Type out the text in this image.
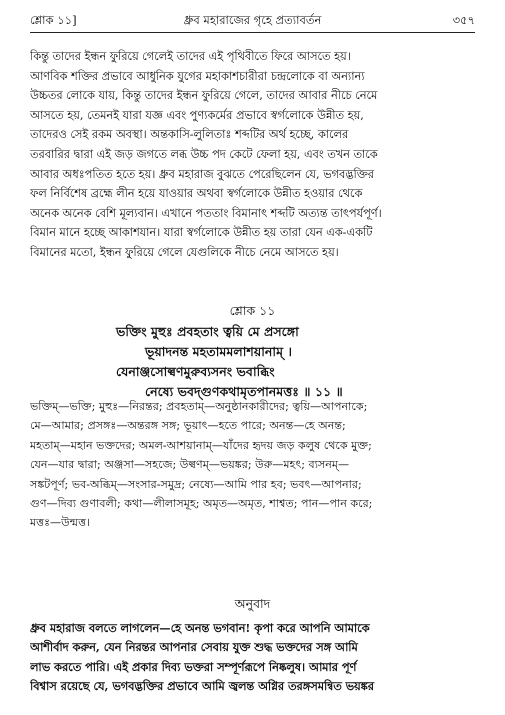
শ্লোক ১১]	ধ্রুব মহারাজের গৃহে প্রত্যাবর্তন	৩৫৭
কিন্তু তাদের ইন্ধন ফুরিয়ে গেলেই তাদের এই পৃথিবীতে ফিরে আসতে হয়।
আণবিক শক্তির প্রভাবে আধুনিক যুগের মহাকাশচারীরা চন্দ্রলোকে বা অন্যান্য
উচ্চতর লোকে যায়, কিন্তু তাদের ইন্ধন ফুরিয়ে গেলে, তাদের আবার নীচে নেমে
আসতে হয়, তেমনই যারা যজ্ঞ এবং পুণ্যকর্মের প্রভাবে স্বর্গলোকে উন্নীত হয়,
তাদেরও সেই রকম অবস্থা। অন্তকাসি-লুলিতাঃ শব্দটির অর্থ হচ্ছে, কালের
তরবারির দ্বারা এই জড় জগতে লব্ধ উচ্চ পদ কেটে ফেলা হয়, এবং তখন তাকে
আবার অধঃপতিত হতে হয়। ধ্রুব মহারাজ বুঝতে পেরেছিলেন যে, ভগবদ্ভক্তির
ফল নির্বিশেষ ব্রহ্মে লীন হয়ে যাওয়ার অথবা স্বর্গলোকে উন্নীত হওয়ার থেকে
অনেক অনেক বেশি মূল্যবান। এখানে পততাং বিমানাৎ শব্দটি অত্যন্ত তাৎপর্যপূর্ণ।
বিমান মানে হচ্ছে আকাশযান। যারা স্বর্গলোকে উন্নীত হয় তারা যেন এক-একটি
বিমানের মতো, ইন্ধন ফুরিয়ে গেলে যেগুলিকে নীচে নেমে আসতে হয়।
শ্লোক ১১
ভক্তিং মুহুঃ প্রবহতাং ত্বয়ি মে প্রসঙ্গো
ভূয়াদনন্ত মহতামমলাশয়ানাম্ ।
যেনাঞ্জসোল্বণমুরুব্যসনং ভবাব্ধিং
নেষ্যে ভবদ্গুণকথামৃতপানমত্তঃ ॥ ১১ ॥
ভক্তিম্—ভক্তি; মুহুঃ—নিরন্তর; প্রবহতাম্—অনুষ্ঠানকারীদের; ত্বয়ি—আপনাকে;
মে—আমার; প্রসঙ্গঃ—অন্তরঙ্গ সঙ্গ; ভূয়াৎ—হতে পারে; অনন্ত—হে অনন্ত;
মহতাম্—মহান ভক্তদের; অমল-আশয়ানাম্—যাঁদের হৃদয় জড় কলুষ থেকে মুক্ত;
যেন—যার দ্বারা; অঞ্জসা—সহজে; উল্বণম্—ভয়ঙ্কর; উরু—মহৎ; ব্যসনম্—
সঙ্কটপূর্ণ; ভব-অব্ধিম্—সংসার-সমুদ্র; নেষ্যে—আমি পার হব; ভবৎ—আপনার;
গুণ—দিব্য গুণাবলী; কথা—লীলাসমূহ; অমৃত—অমৃত, শাশ্বত; পান—পান করে;
মত্তঃ—উন্মত্ত।
অনুবাদ
ধ্রুব মহারাজ বলতে লাগলেন—হে অনন্ত ভগবান! কৃপা করে আপনি আমাকে
আশীর্বাদ করুন, যেন নিরন্তর আপনার সেবায় যুক্ত শুদ্ধ ভক্তদের সঙ্গ আমি
লাভ করতে পারি। এই প্রকার দিব্য ভক্তরা সম্পূর্ণরূপে নিষ্কলুষ। আমার পূর্ণ
বিশ্বাস রয়েছে যে, ভগবদ্ভক্তির প্রভাবে আমি জ্বলন্ত অগ্নির তরঙ্গসমন্বিত ভয়ঙ্কর
